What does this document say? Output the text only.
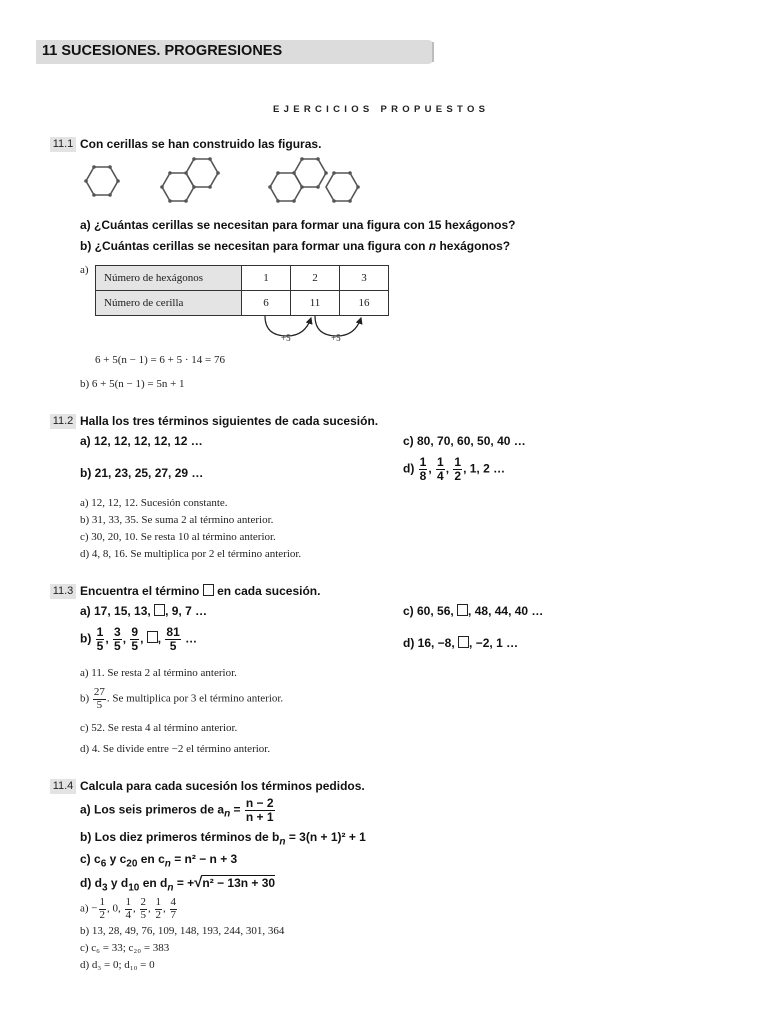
11 SUCESIONES. PROGRESIONES
EJERCICIOS PROPUESTOS
11.1 Con cerillas se han construido las figuras.
a) ¿Cuántas cerillas se necesitan para formar una figura con 15 hexágonos?
b) ¿Cuántas cerillas se necesitan para formar una figura con n hexágonos?
a)
Número de hexágonos	1	2	3
Número de cerilla	6	11	16
+5	+5
6 + 5(n − 1) = 6 + 5 · 14 = 76
b) 6 + 5(n − 1) = 5n + 1
11.2 Halla los tres términos siguientes de cada sucesión.
a) 12, 12, 12, 12, 12 …	c) 80, 70, 60, 50, 40 …
b) 21, 23, 25, 27, 29 …	$d) \frac{1}{8}$ , $\frac{1}{4}$ , $\frac{1}{2}$ , 1, 2 …
a) 12, 12, 12. Sucesión constante.
b) 31, 33, 35. Se suma 2 al término anterior.
c) 30, 20, 10. Se resta 10 al término anterior.
d) 4, 8, 16. Se multiplica por 2 el término anterior.
11.3 Encuentra el término en cada sucesión.
a) 17, 15, 13, , 9, 7 …	c) 60, 56, , 48, 44, 40 …
$b) \frac{1}{5}$ , $\frac{3}{5}$ , $\frac{9}{5}$ , , $\frac{81}{5}$ …	d) 16, −8, , −2, 1 …
a) 11. Se resta 2 al término anterior.
$b) \frac{27}{5}$ . Se multiplica por 3 el término anterior.
c) 52. Se resta 4 al término anterior.
d) 4. Se divide entre −2 el término anterior.
11.4 Calcula para cada sucesión los términos pedidos.
a) Los seis primeros de $a_n = \frac{n - 2}{n + 1}$
b) Los diez primeros términos de $b_n = 3(n + 1)^2 + 1$
c) $c_6$ y $c_{20}$ en $c_n = n^2 - n + 3$
d) $d_3$ y $d_{10}$ en $d_n = +√n^2 - 13n + 30$
$a) - \frac{1}{2}$ , 0, $\frac{1}{4}$ , $\frac{2}{5}$ , $\frac{1}{2}$ , $\frac{4}{7}$
b) 13, 28, 49, 76, 109, 148, 193, 244, 301, 364
c) c₆ = 33; c₂₀ = 383
d) d₃ = 0; d₁₀ = 0
